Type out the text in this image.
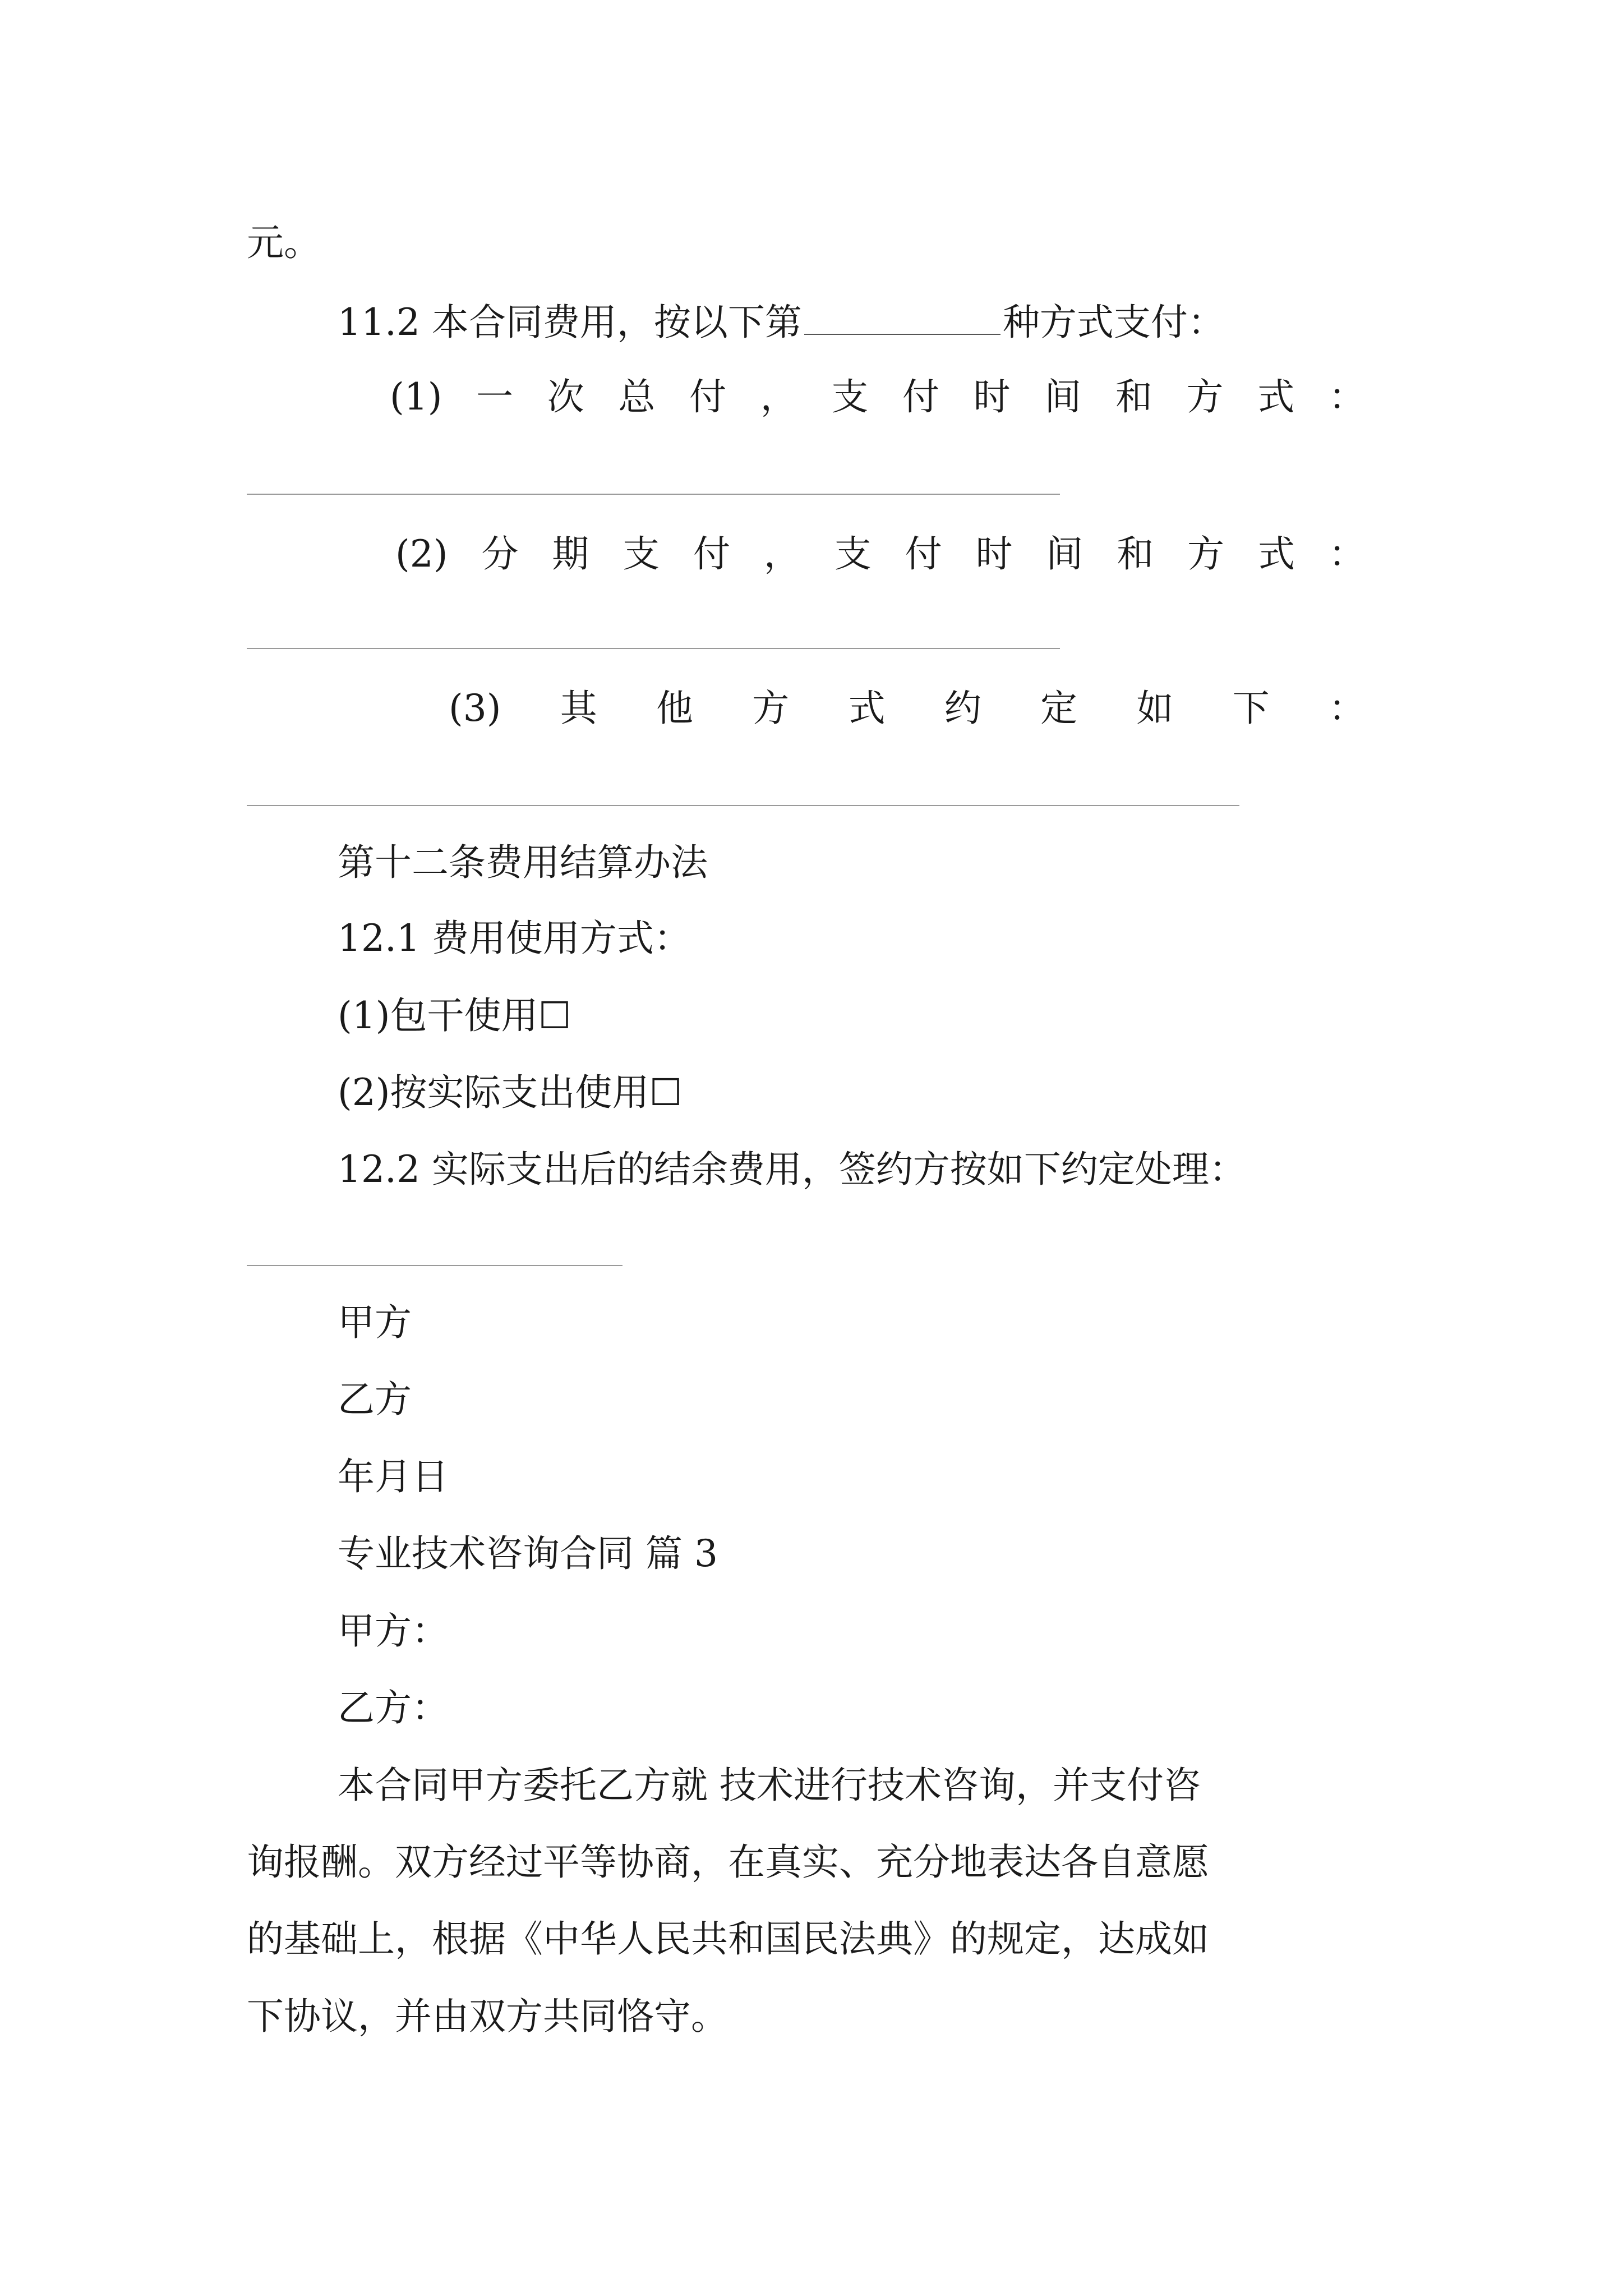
元。
11.2 本合同费用，按以下第	种方式支付：
(1) 一 次 总 付 ， 支 付 时 间 和 方 式 ：
(2) 分 期 支 付 ， 支 付 时 间 和 方 式 ：
(3) 其 他 方 式 约 定 如 下 ：
第十二条费用结算办法
12.1 费用使用方式：
(1)包干使用☐
(2)按实际支出使用☐
12.2 实际支出后的结余费用，签约方按如下约定处理：
甲方
乙方
年月日
专业技术咨询合同 篇 3
甲方：
乙方：
本合同甲方委托乙方就 技术进行技术咨询，并支付咨
询报酬。双方经过平等协商，在真实、充分地表达各自意愿
的基础上，根据《中华人民共和国民法典》的规定，达成如
下协议，并由双方共同恪守。
